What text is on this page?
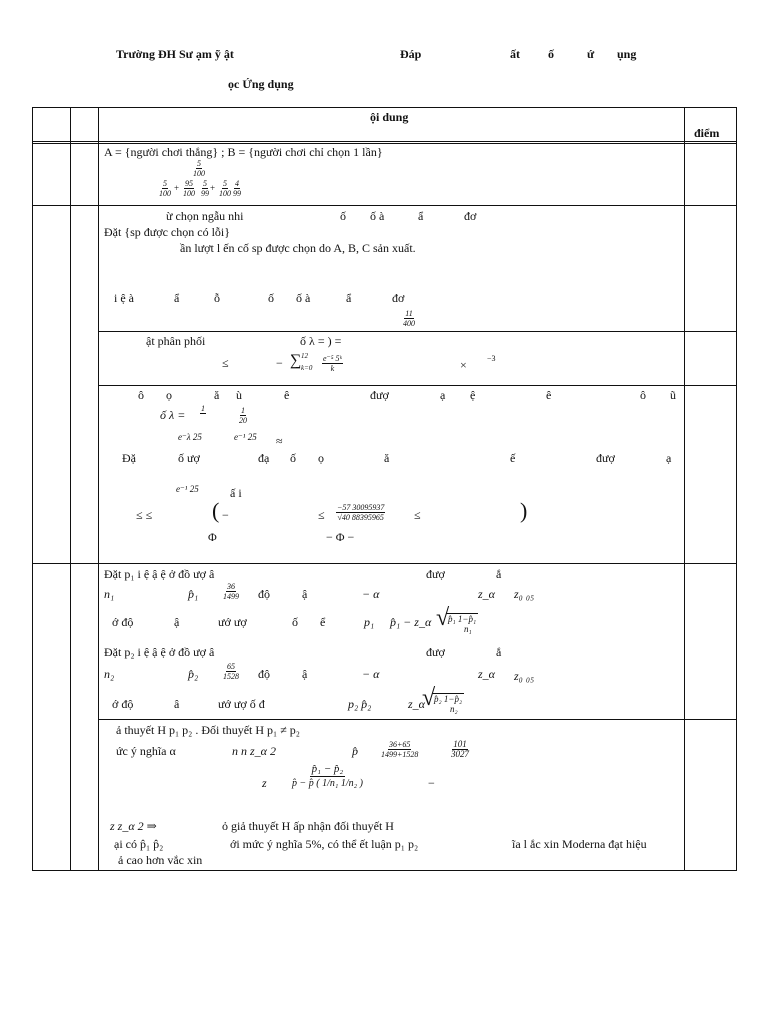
Trường ĐH Sư ạm ỹ ật	Đáp	ất ố	ứ ụng
ọc Ứng dụng
ội dung
điểm
A = {người chơi thắng} ; B = {người chơi chỉ chọn 1 lần}
$\frac{5}{100}$
$\frac{5}{100} + \frac{95}{100} \frac{5}{99} + \frac{5}{100} \frac{4}{99}$
ừ chọn ngẫu nhi	ố ố à	ẩ	đơ
Đặt {sp được chọn có lỗi}
ần lượt l ến cố sp được chọn do A, B, C sản xuất.
i ệ à	ẩ	ỗ	ố ố à	ẩ	đơ
$\frac{11}{400}$
ật phân phối	ố λ = ) =
≤	− ∑ 12
$k=0 \frac{\text{e⁻⁵ 5ᵏ}}{k}$	×	−3
ô ọ	ă ù	ê	đượ	ạ ệ	ê	ô ũ
ố λ = 1	$\frac{1}{20}$
e⁻λ 25	e⁻¹ 25 ≈
Đặ	ố ượ	đạ ố ọ	ă	ế	đượ	ạ
e⁻¹ 25	ấ i
≤ ≤	( −	≤ $\frac{-57 30095937}{√40 88395965}$ ≤	)
Φ	− Φ −
Đặt p₁ i ệ ậ ệ ở đồ ượ â	đượ	ắ
n₁	p̂₁	$\frac{36}{1499}$ độ	ậ	− α	z_α z₀ ₀₅
ớ độ	ậ	ướ ượ	ố ể	p₁ p̂₁ − z_α √
p̂₁ 1−p̂₁
n₁
Đặt p₂ i ệ ậ ệ ở đồ ượ â	đượ	ắ
n₂	p̂₂	$\frac{65}{1528}$ độ	ậ	− α	z_α z₀ ₀₅
ớ độ	â	ướ ượ ố đ	p₂ p̂₂	z_α
√
p̂₂ 1−p̂₂
n₂
ả thuyết H p₁ p₂ . Đối thuyết H p₁ ≠ p₂
ức ý nghĩa α	n n z_α 2	p̂	$\frac{36+65}{1499+1528}$	$\frac{101}{3027}$
z
p̂₁ − p̂₂
p̂ − p̂ ( 1/n₁ 1/n₂ )	−
z z_α 2 ⇒	ỏ giả thuyết H ấp nhận đối thuyết H
ại có p̂₁ p̂₂	ới mức ý nghĩa 5%, có thể ết luận p₁ p₂	ĩa l ắc xin Moderna đạt hiệu
ả cao hơn vắc xin
